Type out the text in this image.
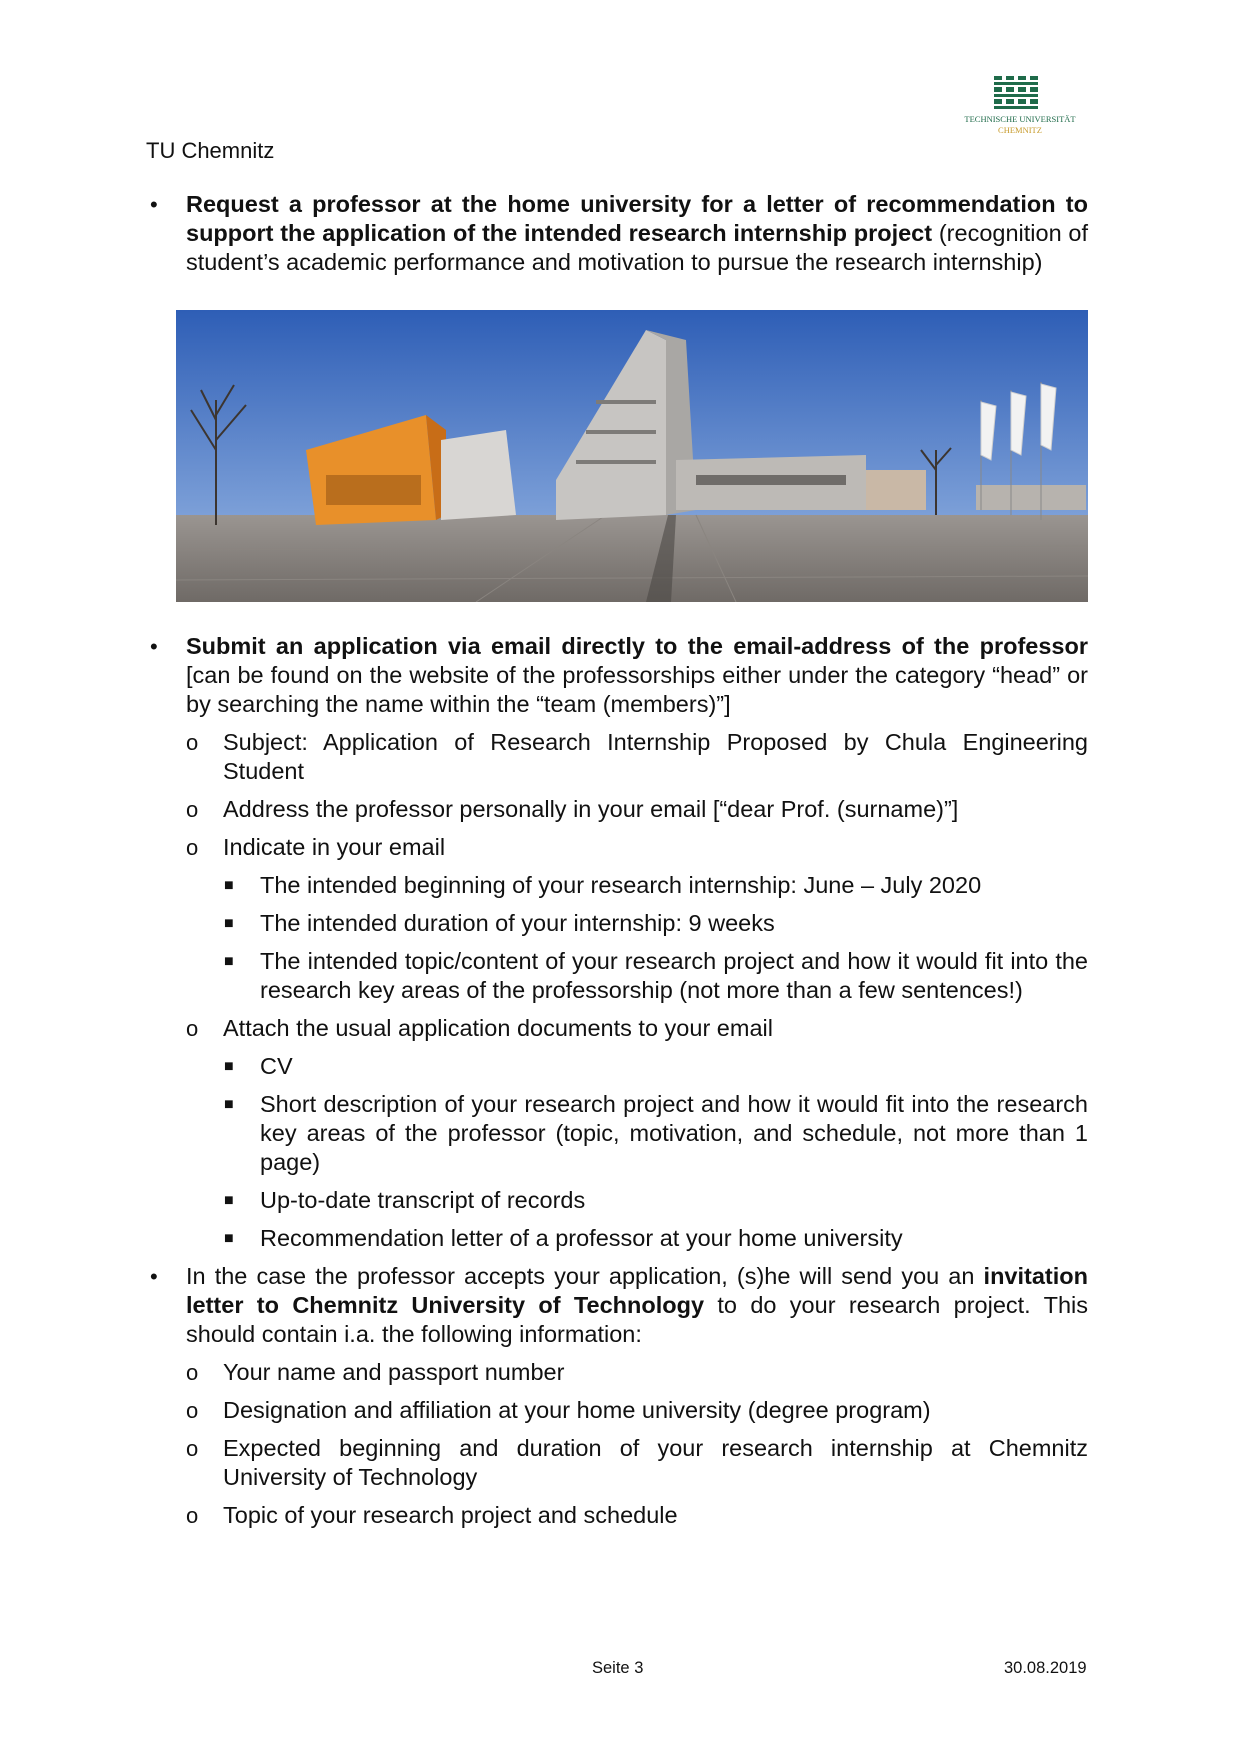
TECHNISCHE UNIVERSITÄT
CHEMNITZ
TU Chemnitz
• Request a professor at the home university for a letter of recommendation to support the application of the intended research internship project (recognition of student’s academic performance and motivation to pursue the research internship)
• Submit an application via email directly to the email-address of the professor [can be found on the website of the professorships either under the category “head” or by searching the name within the “team (members)”]
o Subject: Application of Research Internship Proposed by Chula Engineering Student
o Address the professor personally in your email [“dear Prof. (surname)”]
o Indicate in your email
■ The intended beginning of your research internship: June – July 2020
■ The intended duration of your internship: 9 weeks
■ The intended topic/content of your research project and how it would fit into the research key areas of the professorship (not more than a few sentences!)
o Attach the usual application documents to your email
■ CV
■ Short description of your research project and how it would fit into the research key areas of the professor (topic, motivation, and schedule, not more than 1 page)
■ Up-to-date transcript of records
■ Recommendation letter of a professor at your home university
• In the case the professor accepts your application, (s)he will send you an invitation letter to Chemnitz University of Technology to do your research project. This should contain i.a. the following information:
o Your name and passport number
o Designation and affiliation at your home university (degree program)
o Expected beginning and duration of your research internship at Chemnitz University of Technology
o Topic of your research project and schedule
Seite 3	30.08.2019
